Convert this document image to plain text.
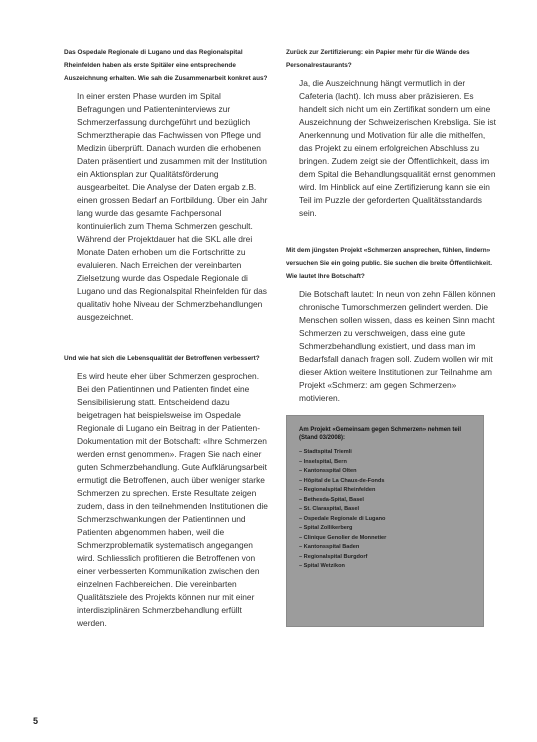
Das Ospedale Regionale di Lugano und das Regionalspital Rheinfelden haben als erste Spitäler eine entsprechende Auszeichnung erhalten. Wie sah die Zusammenarbeit konkret aus?

In einer ersten Phase wurden im Spital Befragungen und Patienteninterviews zur Schmerzerfassung durchgeführt und bezüglich Schmerztherapie das Fachwissen von Pflege und Medizin überprüft. Danach wurden die erhobenen Daten präsentiert und zusammen mit der Institution ein Aktionsplan zur Qualitätsförderung ausgearbeitet. Die Analyse der Daten ergab z.B. einen grossen Bedarf an Fortbildung. Über ein Jahr lang wurde das gesamte Fachpersonal kontinuierlich zum Thema Schmerzen geschult. Während der Projektdauer hat die SKL alle drei Monate Daten erhoben um die Fortschritte zu evaluieren. Nach Erreichen der vereinbarten Zielsetzung wurde das Ospedale Regionale di Lugano und das Regionalspital Rheinfelden für das qualitativ hohe Niveau der Schmerzbehandlungen ausgezeichnet.

Und wie hat sich die Lebensqualität der Betroffenen verbessert?

Es wird heute eher über Schmerzen gesprochen. Bei den Patientinnen und Patienten findet eine Sensibilisierung statt. Entscheidend dazu beigetragen hat beispielsweise im Ospedale Regionale di Lugano ein Beitrag in der Patienten-Dokumentation mit der Botschaft: «Ihre Schmerzen werden ernst genommen». Fragen Sie nach einer guten Schmerzbehandlung. Gute Aufklärungsarbeit ermutigt die Betroffenen, auch über weniger starke Schmerzen zu sprechen. Erste Resultate zeigen zudem, dass in den teilnehmenden Institutionen die Schmerzschwankungen der Patientinnen und Patienten abgenommen haben, weil die Schmerzproblematik systematisch angegangen wird. Schliesslich profitieren die Betroffenen von einer verbesserten Kommunikation zwischen den einzelnen Fachbereichen. Die vereinbarten Qualitätsziele des Projekts können nur mit einer interdisziplinären Schmerzbehandlung erfüllt werden.

Zurück zur Zertifizierung: ein Papier mehr für die Wände des Personalrestaurants?

Ja, die Auszeichnung hängt vermutlich in der Cafeteria (lacht). Ich muss aber präzisieren. Es handelt sich nicht um ein Zertifikat sondern um eine Auszeichnung der Schweizerischen Krebsliga. Sie ist Anerkennung und Motivation für alle die mithelfen, das Projekt zu einem erfolgreichen Abschluss zu bringen. Zudem zeigt sie der Öffentlichkeit, dass im dem Spital die Behandlungsqualität ernst genommen wird. Im Hinblick auf eine Zertifizierung kann sie ein Teil im Puzzle der geforderten Qualitätsstandards sein.

Mit dem jüngsten Projekt «Schmerzen ansprechen, fühlen, lindern» versuchen Sie ein going public. Sie suchen die breite Öffentlichkeit. Wie lautet Ihre Botschaft?

Die Botschaft lautet: In neun von zehn Fällen können chronische Tumorschmerzen gelindert werden. Die Menschen sollen wissen, dass es keinen Sinn macht Schmerzen zu verschweigen, dass eine gute Schmerzbehandlung existiert, und dass man im Bedarfsfall danach fragen soll. Zudem wollen wir mit dieser Aktion weitere Institutionen zur Teilnahme am Projekt «Schmerz: am gegen Schmerzen» motivieren.

Am Projekt «Gemeinsam gegen Schmerzen» nehmen teil (Stand 03/2008):
– Stadtspital Triemli
– Inselspital, Bern
– Kantonsspital Olten
– Hôpital de La Chaux-de-Fonds
– Regionalspital Rheinfelden
– Bethesda-Spital, Basel
– St. Claraspital, Basel
– Ospedale Regionale di Lugano
– Spital Zollikerberg
– Clinique Genolier de Monnetier
– Kantonsspital Baden
– Regionalspital Burgdorf
– Spital Wetzikon
5
